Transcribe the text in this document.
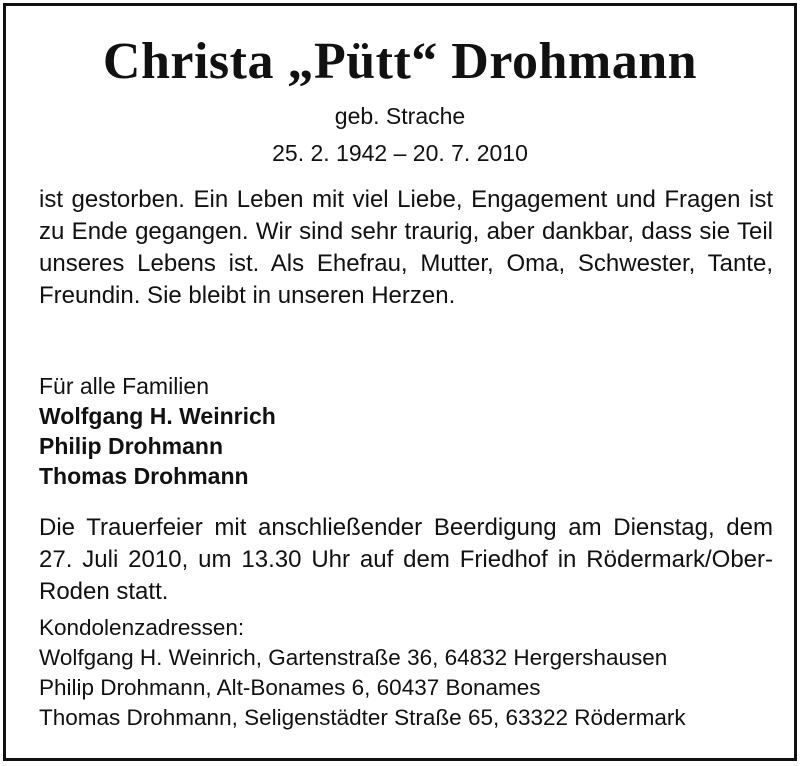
Christa „Pütt“ Drohmann
geb. Strache
25. 2. 1942 – 20. 7. 2010
ist gestorben. Ein Leben mit viel Liebe, Engagement und Fragen ist zu Ende gegangen. Wir sind sehr traurig, aber dankbar, dass sie Teil unseres Lebens ist. Als Ehefrau, Mutter, Oma, Schwester, Tante, Freundin. Sie bleibt in unseren Herzen.
Für alle Familien
Wolfgang H. Weinrich
Philip Drohmann
Thomas Drohmann
Die Trauerfeier mit anschließender Beerdigung am Dienstag, dem 27. Juli 2010, um 13.30 Uhr auf dem Friedhof in Rödermark/Ober-Roden statt.
Kondolenzadressen:
Wolfgang H. Weinrich, Gartenstraße 36, 64832 Hergershausen
Philip Drohmann, Alt-Bonames 6, 60437 Bonames
Thomas Drohmann, Seligenstädter Straße 65, 63322 Rödermark
